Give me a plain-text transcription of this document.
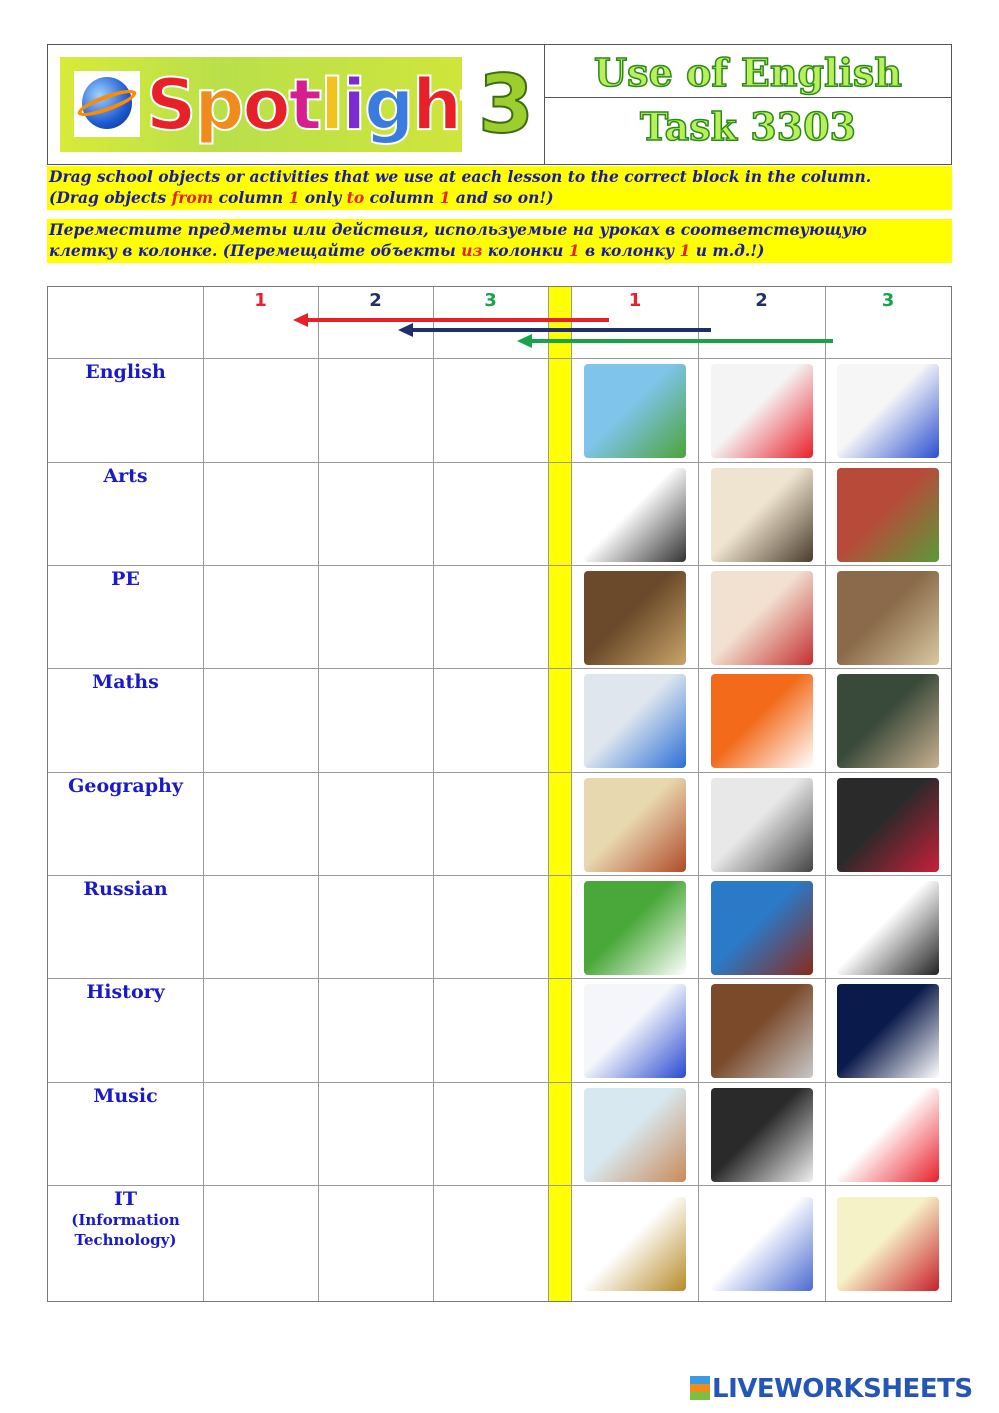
Spotligh 3	Use of English
Task 3303
Drag school objects or activities that we use at each lesson to the correct block in the column.
(Drag objects from column 1 only to column 1 and so on!)
Переместите предметы или действия, используемые на уроках в соответствующую
клетку в колонке. (Перемещайте объекты из колонки 1 в колонку 1 и т.д.!)
1	2	3	1	2	3
English
Arts
PE
Maths
Geography
Russian
History
Music
IT
(Information
Technology)
LIVEWORKSHEETS
